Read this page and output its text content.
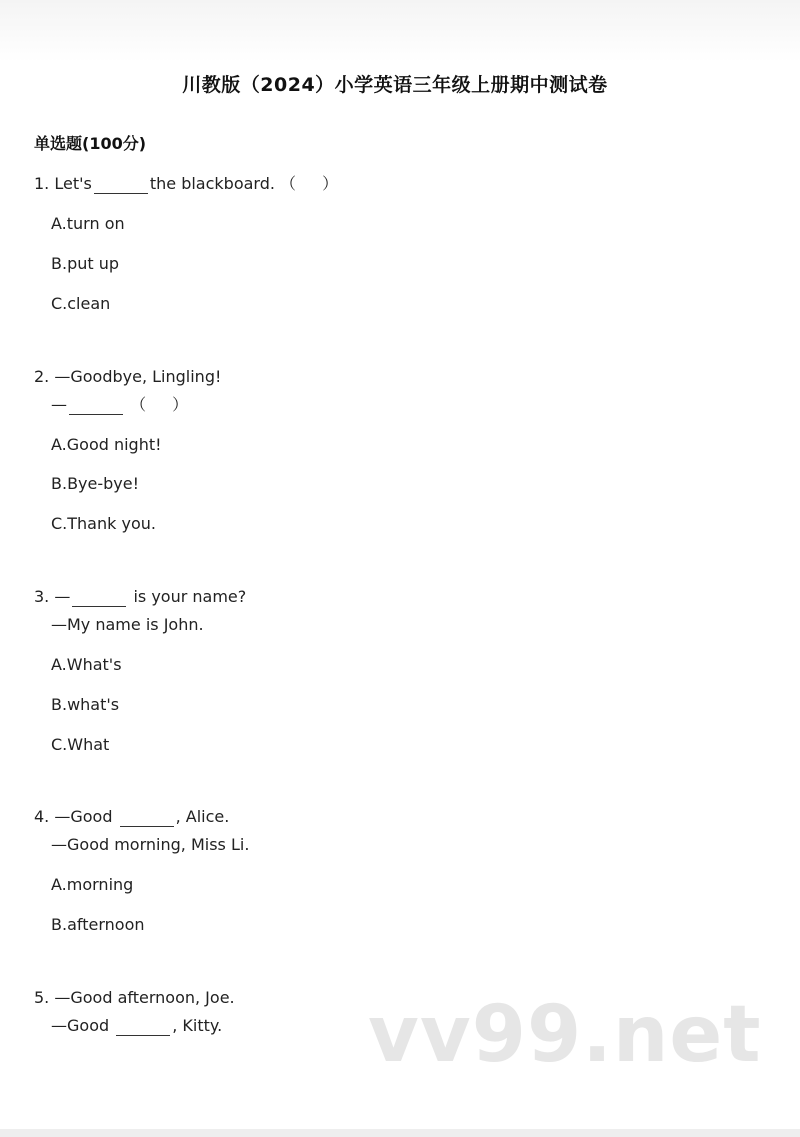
川教版（2024）小学英语三年级上册期中测试卷
单选题(100分)
1. Let's	the blackboard. （ ）
A.turn on
B.put up
C.clean
2. —Goodbye, Lingling!
—	（ ）
A.Good night!
B.Bye-bye!
C.Thank you.
3. —	is your name?
—My name is John.
A.What's
B.what's
C.What
4. —Good	, Alice.
—Good morning, Miss Li.
A.morning
B.afternoon
5. —Good afternoon, Joe.
—Good	, Kitty. vv99.net
